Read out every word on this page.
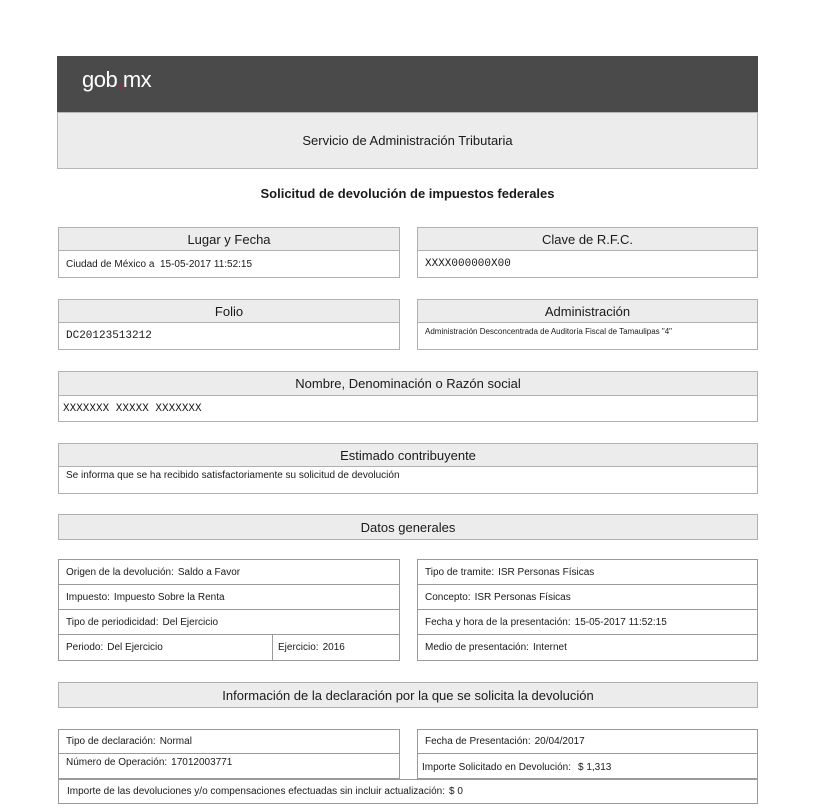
gob.mx
Servicio de Administración Tributaria
Solicitud de devolución de impuestos federales
Lugar y Fecha
Ciudad de México a  15-05-2017 11:52:15
Clave de R.F.C.
XXXX000000X00
Folio
DC20123513212
Administración
Administración Desconcentrada de Auditoría Fiscal de Tamaulipas "4"
Nombre, Denominación o Razón social
XXXXXXX XXXXX XXXXXXX
Estimado contribuyente
Se informa que se ha recibido satisfactoriamente su solicitud de devolución
Datos generales
Origen de la devolución: Saldo a Favor
Impuesto: Impuesto Sobre la Renta
Tipo de periodicidad: Del Ejercicio
Periodo: Del Ejercicio	Ejercicio: 2016
Tipo de tramite: ISR Personas Físicas
Concepto: ISR Personas Físicas
Fecha y hora de la presentación: 15-05-2017 11:52:15
Medio de presentación: Internet
Información de la declaración por la que se solicita la devolución
Tipo de declaración: Normal
Número de Operación: 17012003771
Fecha de Presentación: 20/04/2017
Importe Solicitado en Devolución: $ 1,313
Importe de las devoluciones y/o compensaciones efectuadas sin incluir actualización: $ 0
